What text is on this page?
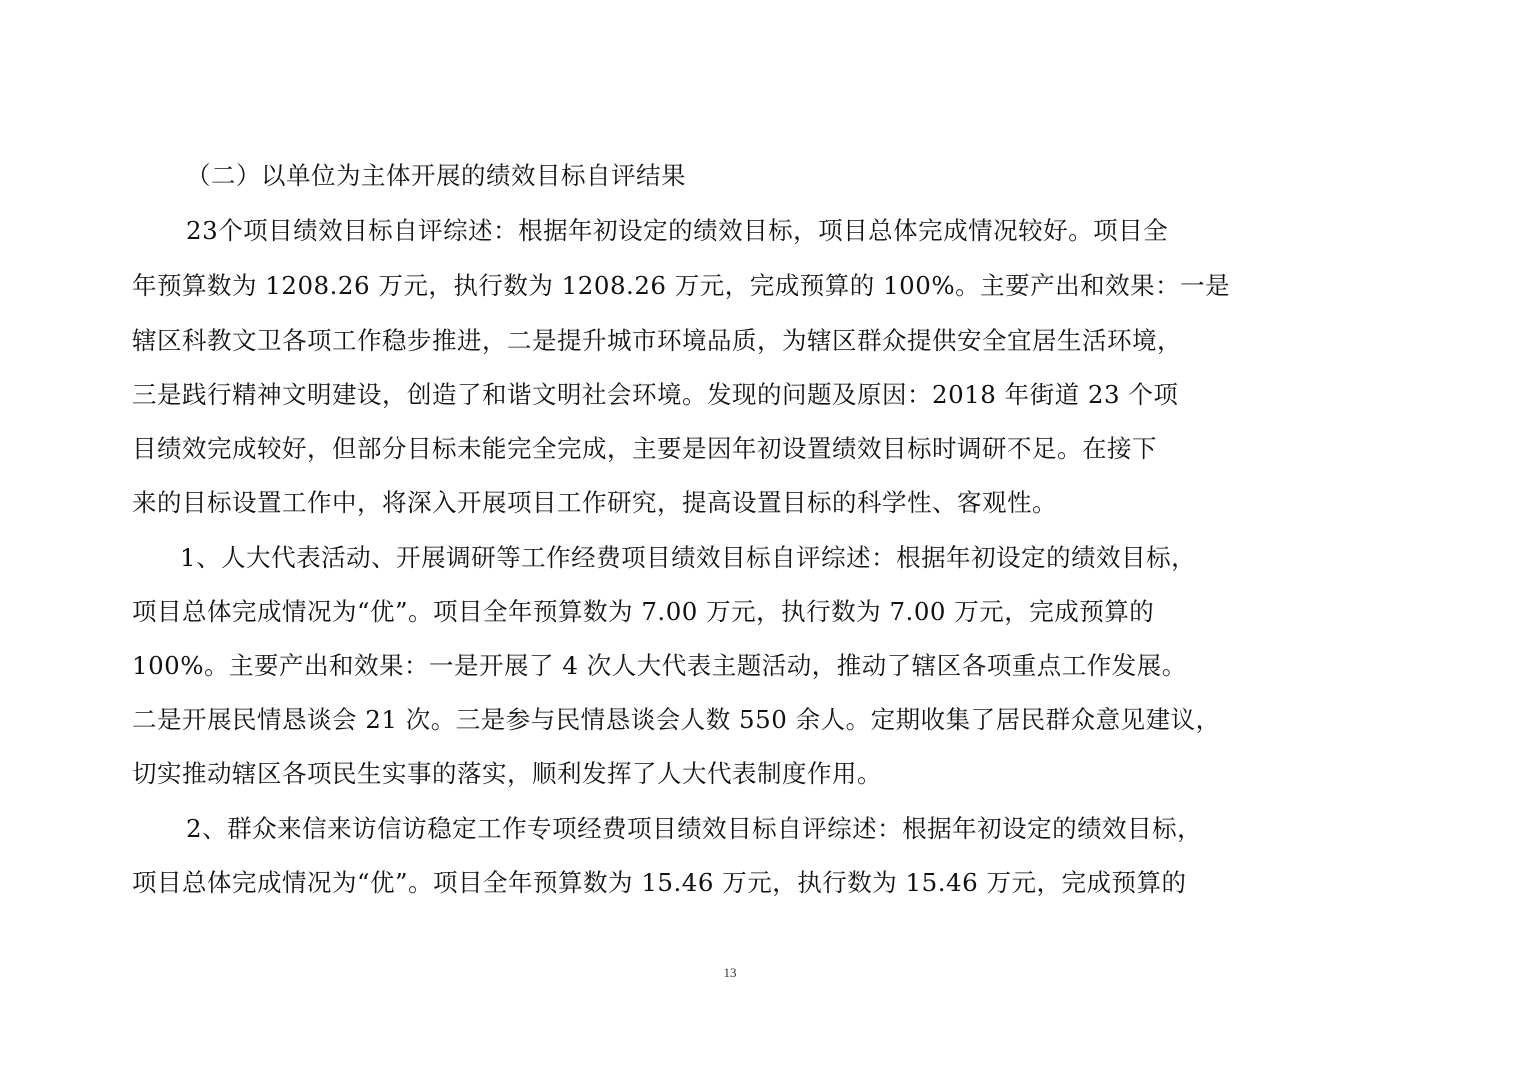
（二）以单位为主体开展的绩效目标自评结果
23个项目绩效目标自评综述：根据年初设定的绩效目标，项目总体完成情况较好。项目全
年预算数为 1208.26 万元，执行数为 1208.26 万元，完成预算的 100%。主要产出和效果：一是
辖区科教文卫各项工作稳步推进，二是提升城市环境品质，为辖区群众提供安全宜居生活环境，
三是践行精神文明建设，创造了和谐文明社会环境。发现的问题及原因：2018 年街道 23 个项
目绩效完成较好，但部分目标未能完全完成，主要是因年初设置绩效目标时调研不足。在接下
来的目标设置工作中，将深入开展项目工作研究，提高设置目标的科学性、客观性。
1、人大代表活动、开展调研等工作经费项目绩效目标自评综述：根据年初设定的绩效目标，
项目总体完成情况为“优”。项目全年预算数为 7.00 万元，执行数为 7.00 万元，完成预算的
100%。主要产出和效果：一是开展了 4 次人大代表主题活动，推动了辖区各项重点工作发展。
二是开展民情恳谈会 21 次。三是参与民情恳谈会人数 550 余人。定期收集了居民群众意见建议，
切实推动辖区各项民生实事的落实，顺利发挥了人大代表制度作用。
2、群众来信来访信访稳定工作专项经费项目绩效目标自评综述：根据年初设定的绩效目标，
项目总体完成情况为“优”。项目全年预算数为 15.46 万元，执行数为 15.46 万元，完成预算的
13
